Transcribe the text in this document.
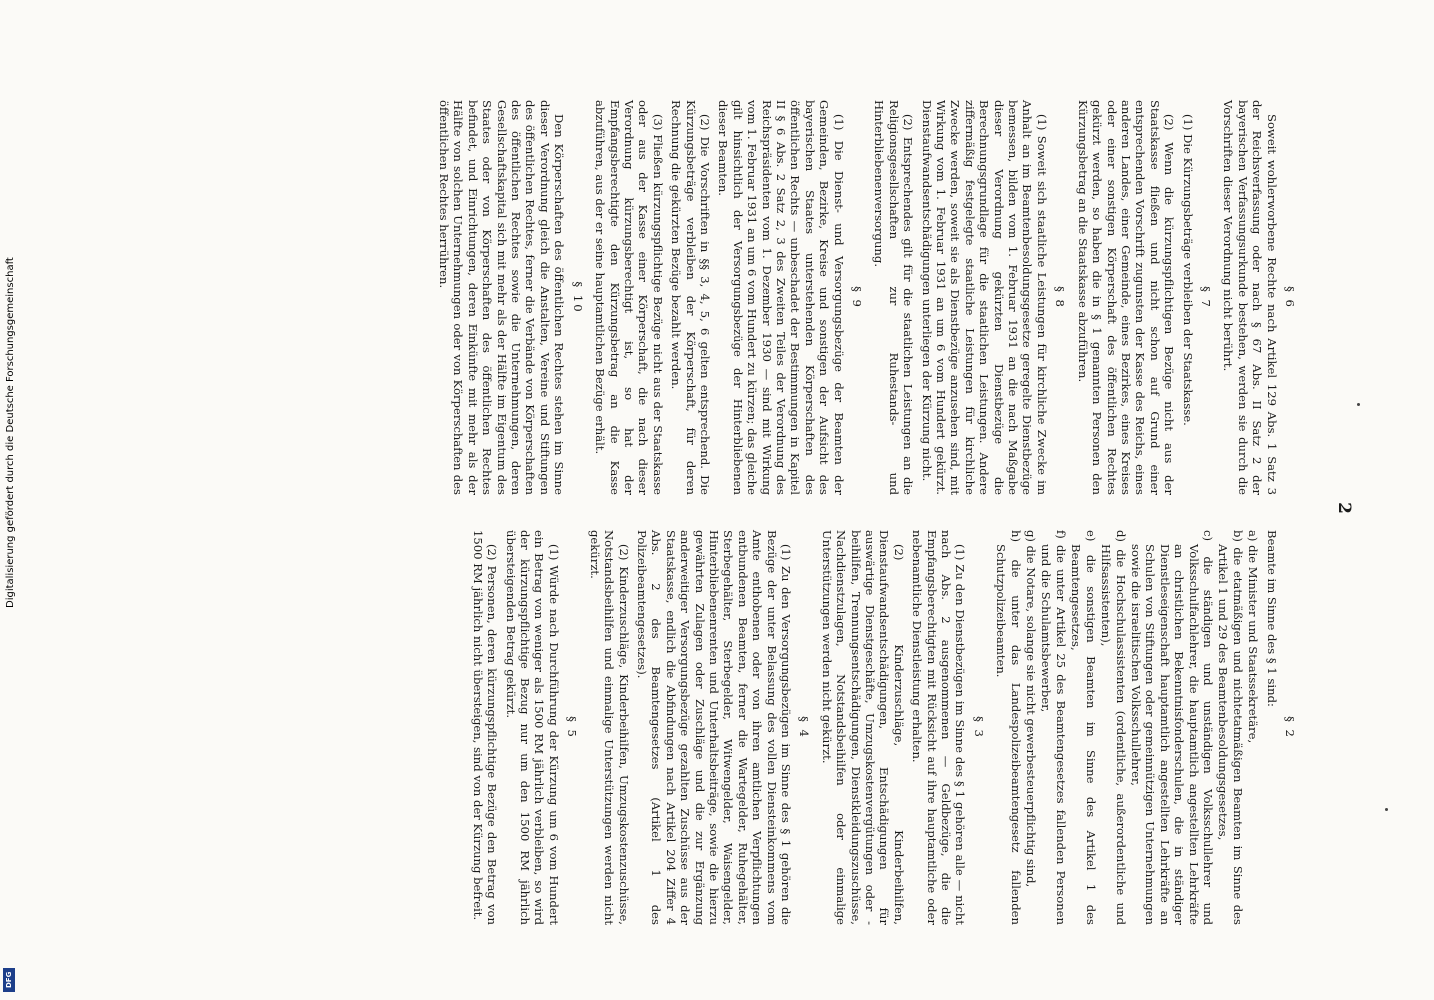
2

§ 2

Beamte im Sinne des § 1 sind:

a) die Minister und Staatssekretäre,

b) die etatmäßigen und nichtetatmäßigen Beamten im Sinne des Artikel 1 und 29 des Beamtenbesoldungsgesetzes,

c) die ständigen und unständigen Volksschullehrer und Volksschulfachlehrer, die hauptamtlich angestellten Lehrkräfte an christlichen Bekenntnisfonderschulen, die in ständiger Dienstleseigenschaft hauptamtlich angestellten Lehrkräfte an Schulen von Stiftungen oder gemeinnützigen Unternehmungen sowie die israelitischen Volksschullehrer,

d) die Hochschulassistenten (ordentliche, außerordentliche und Hilfsassistenten),

e) die sonstigen Beamten im Sinne des Artikel 1 des Beamtengesetzes,

f) die unter Artikel 25 des Beamtengesetzes fallenden Personen und die Schulamtsbewerber,

g) die Notare, solange sie nicht gewerbesteuerpflichtig sind,

h) die unter das Landespolizeibeamtengesetz fallenden Schutzpolizeibeamten.

§ 3

(1) Zu den Dienstbezügen im Sinne des § 1 gehören alle — nicht nach Abs. 2 ausgenommenen — Geldbezüge, die die Empfangsberechtigten mit Rücksicht auf ihre hauptamtliche oder nebenamtliche Dienstleistung erhalten.

(2) Kinderzuschläge, Kinderbeihilfen, Dienstaufwandsentschädigungen, Entschädigungen für auswärtige Dienstgeschäfte, Umzugskostenvergütungen oder -beihilfen, Trennungsentschädigungen, Dienstkleidungszuschüsse, Nachdienstzulagen, Notstandsbeihilfen oder einmalige Unterstützungen werden nicht gekürzt.

§ 4

(1) Zu den Versorgungsbezügen im Sinne des § 1 gehören die Bezüge der unter Belassung des vollen Diensteinkommens vom Amte enthobenen oder von ihren amtlichen Verpflichtungen entbundenen Beamten, ferner die Wartegelder, Ruhegehälter, Sterbegehälter, Sterbegelder, Witwengelder, Waisengelder, Hinterbliebenenrenten und Unterhaltsbeiträge, sowie die hierzu gewährten Zulagen oder Zuschläge und die zur Ergänzung anderweitiger Versorgungsbezüge gezahlten Zuschüsse aus der Staatskasse, endlich die Abfindungen nach Artikel 204 Ziffer 4 Abs. 2 des Beamtengesetzes (Artikel 1 des Polizeibeamtengesetzes).

(2) Kinderzuschläge, Kinderbeihilfen, Umzugskostenzuschüsse, Notstandsbeihilfen und einmalige Unterstützungen werden nicht gekürzt.

§ 5

(1) Würde nach Durchführung der Kürzung um 6 vom Hundert ein Betrag von weniger als 1500 RM jährlich verbleiben, so wird der kürzungspflichtige Bezug nur um den 1500 RM jährlich übersteigenden Betrag gekürzt.

(2) Personen, deren kürzungspflichtige Bezüge den Betrag von 1500 RM jährlich nicht übersteigen, sind von der Kürzung befreit.

§ 6

Soweit wohlerworbene Rechte nach Artikel 129 Abs. 1 Satz 3 der Reichsverfassung oder nach § 67 Abs. II Satz 2 der bayerischen Verfassungsurkunde bestehen, werden sie durch die Vorschriften dieser Verordnung nicht berührt.

§ 7

(1) Die Kürzungsbeträge verbleiben der Staatskasse.

(2) Wenn die kürzungspflichtigen Bezüge nicht aus der Staatskasse fließen und nicht schon auf Grund einer entsprechenden Vorschrift zugunsten der Kasse des Reichs, eines anderen Landes, einer Gemeinde, eines Bezirkes, eines Kreises oder einer sonstigen Körperschaft des öffentlichen Rechtes gekürzt werden, so haben die in § 1 genannten Personen den Kürzungsbetrag an die Staatskasse abzuführen.

§ 8

(1) Soweit sich staatliche Leistungen für kirchliche Zwecke im Anhalt an im Beamtenbesoldungsgesetze geregelte Dienstbezüge bemessen, bilden vom 1. Februar 1931 an die nach Maßgabe dieser Verordnung gekürzten Dienstbezüge die Berechnungsgrundlage für die staatlichen Leistungen. Andere ziffermäßig festgelegte staatliche Leistungen für kirchliche Zwecke werden, soweit sie als Dienstbezüge anzusehen sind, mit Wirkung vom 1. Februar 1931 an um 6 vom Hundert gekürzt. Dienstaufwandsentschädigungen unterliegen der Kürzung nicht.

(2) Entsprechendes gilt für die staatlichen Leistungen an die Religionsgesellschaften zur Ruhestands- und Hinterbliebenenversorgung.

§ 9

(1) Die Dienst- und Versorgungsbezüge der Beamten der Gemeinden, Bezirke, Kreise und sonstigen der Aufsicht des bayerischen Staates unterstehenden Körperschaften des öffentlichen Rechts — unbeschadet der Bestimmungen in Kapitel II § 6 Abs. 2 Satz 2, 3 des Zweiten Teiles der Verordnung des Reichspräsidenten vom 1. Dezember 1930 — sind mit Wirkung vom 1. Februar 1931 an um 6 vom Hundert zu kürzen; das gleiche gilt hinsichtlich der Versorgungsbezüge der Hinterbliebenen dieser Beamten.

(2) Die Vorschriften in §§ 3, 4, 5, 6 gelten entsprechend. Die Kürzungsbeträge verbleiben der Körperschaft, für deren Rechnung die gekürzten Bezüge bezahlt werden.

(3) Fließen kürzungspflichtige Bezüge nicht aus der Staatskasse oder aus der Kasse einer Körperschaft, die nach dieser Verordnung kürzungsberechtigt ist, so hat der Empfangsberechtigte den Kürzungsbetrag an die Kasse abzuführen, aus der er seine hauptamtlichen Bezüge erhält.

§ 10

Den Körperschaften des öffentlichen Rechtes stehen im Sinne dieser Verordnung gleich die Anstalten, Vereine und Stiftungen des öffentlichen Rechtes, ferner die Verbände von Körperschaften des öffentlichen Rechtes sowie die Unternehmungen, deren Gesellschaftskapital sich mit mehr als der Hälfte im Eigentum des Staates oder von Körperschaften des öffentlichen Rechtes befindet, und Einrichtungen, deren Einkünfte mit mehr als der Hälfte von solchen Unternehmungen oder von Körperschaften des öffentlichen Rechtes herrühren.

Digitalisierung gefördert durch die Deutsche Forschungsgemeinschaft
DFG
